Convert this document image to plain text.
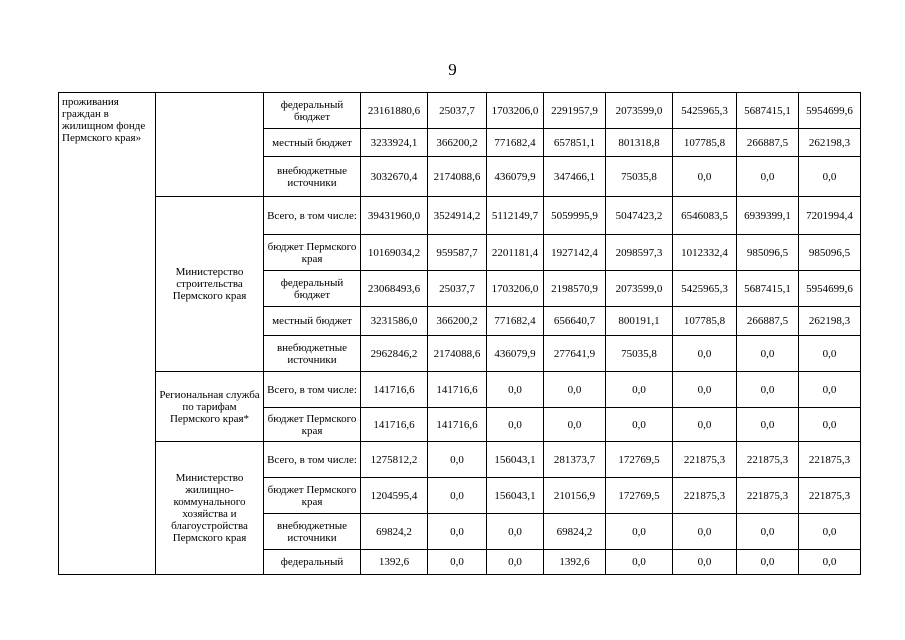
9
проживания граждан в жилищном фонде Пермского края»		федеральный бюджет	23161880,6	25037,7	1703206,0	2291957,9	2073599,0	5425965,3	5687415,1	5954699,6
		местный бюджет	3233924,1	366200,2	771682,4	657851,1	801318,8	107785,8	266887,5	262198,3
		внебюджетные источники	3032670,4	2174088,6	436079,9	347466,1	75035,8	0,0	0,0	0,0
	Министерство строительства Пермского края	Всего, в том числе:	39431960,0	3524914,2	5112149,7	5059995,9	5047423,2	6546083,5	6939399,1	7201994,4
		бюджет Пермского края	10169034,2	959587,7	2201181,4	1927142,4	2098597,3	1012332,4	985096,5	985096,5
		федеральный бюджет	23068493,6	25037,7	1703206,0	2198570,9	2073599,0	5425965,3	5687415,1	5954699,6
		местный бюджет	3231586,0	366200,2	771682,4	656640,7	800191,1	107785,8	266887,5	262198,3
		внебюджетные источники	2962846,2	2174088,6	436079,9	277641,9	75035,8	0,0	0,0	0,0
	Региональная служба по тарифам Пермского края*	Всего, в том числе:	141716,6	141716,6	0,0	0,0	0,0	0,0	0,0	0,0
		бюджет Пермского края	141716,6	141716,6	0,0	0,0	0,0	0,0	0,0	0,0
	Министерство жилищно-коммунального хозяйства и благоустройства Пермского края	Всего, в том числе:	1275812,2	0,0	156043,1	281373,7	172769,5	221875,3	221875,3	221875,3
		бюджет Пермского края	1204595,4	0,0	156043,1	210156,9	172769,5	221875,3	221875,3	221875,3
		внебюджетные источники	69824,2	0,0	0,0	69824,2	0,0	0,0	0,0	0,0
		федеральный	1392,6	0,0	0,0	1392,6	0,0	0,0	0,0	0,0
